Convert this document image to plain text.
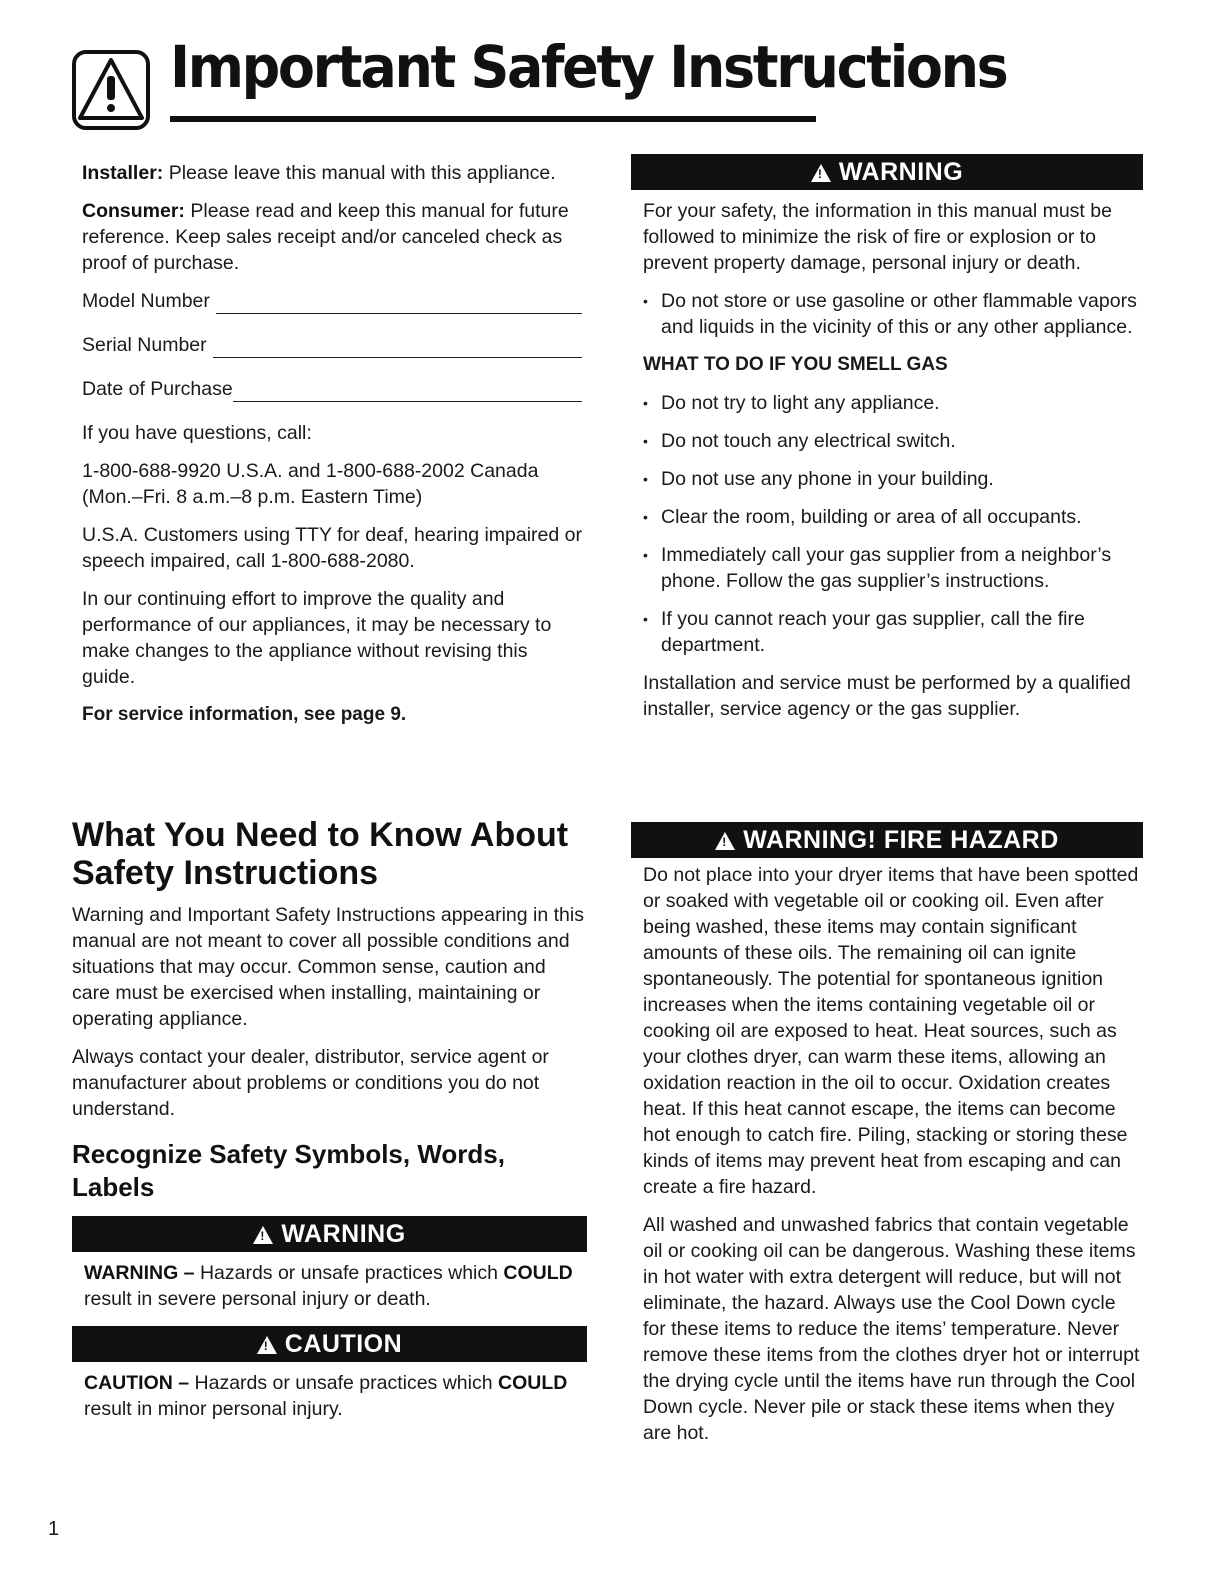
Important Safety Instructions

Installer: Please leave this manual with this appliance.

Consumer: Please read and keep this manual for future reference. Keep sales receipt and/or canceled check as proof of purchase.

Model Number
Serial Number
Date of Purchase

If you have questions, call:

1-800-688-9920 U.S.A. and 1-800-688-2002 Canada (Mon.–Fri. 8 a.m.–8 p.m. Eastern Time)

U.S.A. Customers using TTY for deaf, hearing impaired or speech impaired, call 1-800-688-2080.

In our continuing effort to improve the quality and performance of our appliances, it may be necessary to make changes to the appliance without revising this guide.

For service information, see page 9.

What You Need to Know About Safety Instructions

Warning and Important Safety Instructions appearing in this manual are not meant to cover all possible conditions and situations that may occur. Common sense, caution and care must be exercised when installing, maintaining or operating appliance.

Always contact your dealer, distributor, service agent or manufacturer about problems or conditions you do not understand.

Recognize Safety Symbols, Words, Labels
!WARNING

WARNING – Hazards or unsafe practices which COULD result in severe personal injury or death.

!CAUTION

CAUTION – Hazards or unsafe practices which COULD result in minor personal injury.

!WARNING

For your safety, the information in this manual must be followed to minimize the risk of fire or explosion or to prevent property damage, personal injury or death.

• Do not store or use gasoline or other flammable vapors and liquids in the vicinity of this or any other appliance.
WHAT TO DO IF YOU SMELL GAS
• Do not try to light any appliance.
• Do not touch any electrical switch.
• Do not use any phone in your building.
• Clear the room, building or area of all occupants.
• Immediately call your gas supplier from a neighbor’s phone. Follow the gas supplier’s instructions.
• If you cannot reach your gas supplier, call the fire department.

Installation and service must be performed by a qualified installer, service agency or the gas supplier.

!WARNING! FIRE HAZARD

Do not place into your dryer items that have been spotted or soaked with vegetable oil or cooking oil. Even after being washed, these items may contain significant amounts of these oils. The remaining oil can ignite spontaneously. The potential for spontaneous ignition increases when the items containing vegetable oil or cooking oil are exposed to heat. Heat sources, such as your clothes dryer, can warm these items, allowing an oxidation reaction in the oil to occur. Oxidation creates heat. If this heat cannot escape, the items can become hot enough to catch fire. Piling, stacking or storing these kinds of items may prevent heat from escaping and can create a fire hazard.

All washed and unwashed fabrics that contain vegetable oil or cooking oil can be dangerous. Washing these items in hot water with extra detergent will reduce, but will not eliminate, the hazard. Always use the Cool Down cycle for these items to reduce the items’ temperature. Never remove these items from the clothes dryer hot or interrupt the drying cycle until the items have run through the Cool Down cycle. Never pile or stack these items when they are hot.

1
